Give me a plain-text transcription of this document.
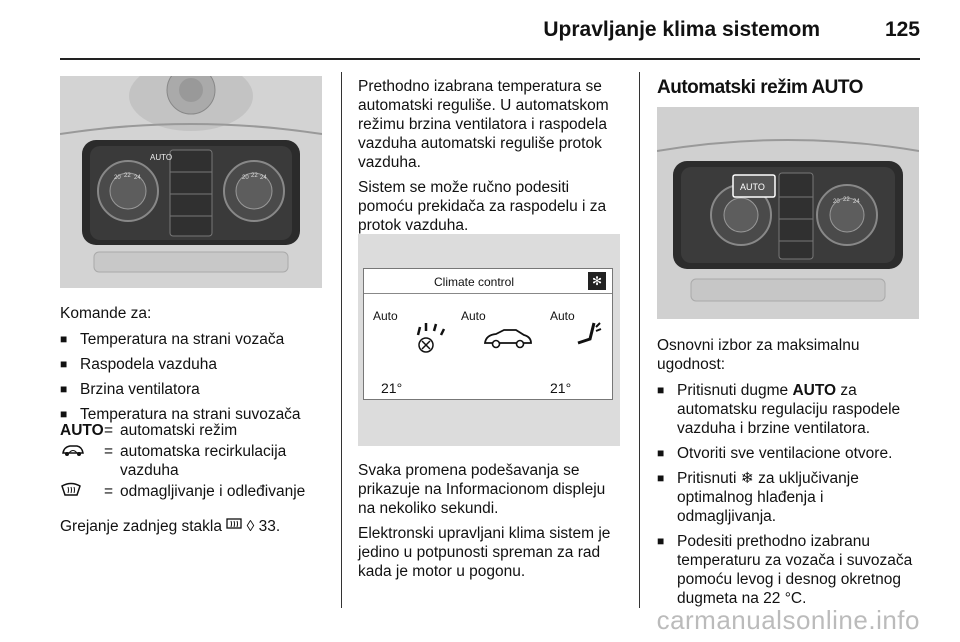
Upravljanje klima sistemom	125
AUTO
20 22 24	20 22 24

Komande za:

■ Temperatura na strani vozača

■ Raspodela vazduha

■ Brzina ventilatora

■ Temperatura na strani suvozača

AUTO = automatski režim
= automatska recirkulacija vazduha
= odmagljivanje i odleđivanje
Grejanje zadnjeg stakla ◊ 33.

Prethodno izabrana temperatura se automatski reguliše. U automatskom režimu brzina ventilatora i raspodela vazduha automatski reguliše protok vazduha.

Sistem se može ručno podesiti pomoću prekidača za raspodelu i za protok vazduha.

Climate control	✻
Auto	Auto	Auto
21°	21°

Svaka promena podešavanja se prikazuje na Informacionom displeju na nekoliko sekundi.

Elektronski upravljani klima sistem je jedino u potpunosti spreman za rad kada je motor u pogonu.

Automatski režim AUTO
AUTO
20 22 24

Osnovni izbor za maksimalnu ugodnost:

■ Pritisnuti dugme AUTO za automatsku regulaciju raspodele vazduha i brzine ventilatora.

■ Otvoriti sve ventilacione otvore.

■ Pritisnuti ❄ za uključivanje optimalnog hlađenja i odmagljivanja.

■ Podesiti prethodno izabranu temperaturu za vozača i suvozača pomoću levog i desnog okretnog dugmeta na 22 °C.

carmanualsonline.info
